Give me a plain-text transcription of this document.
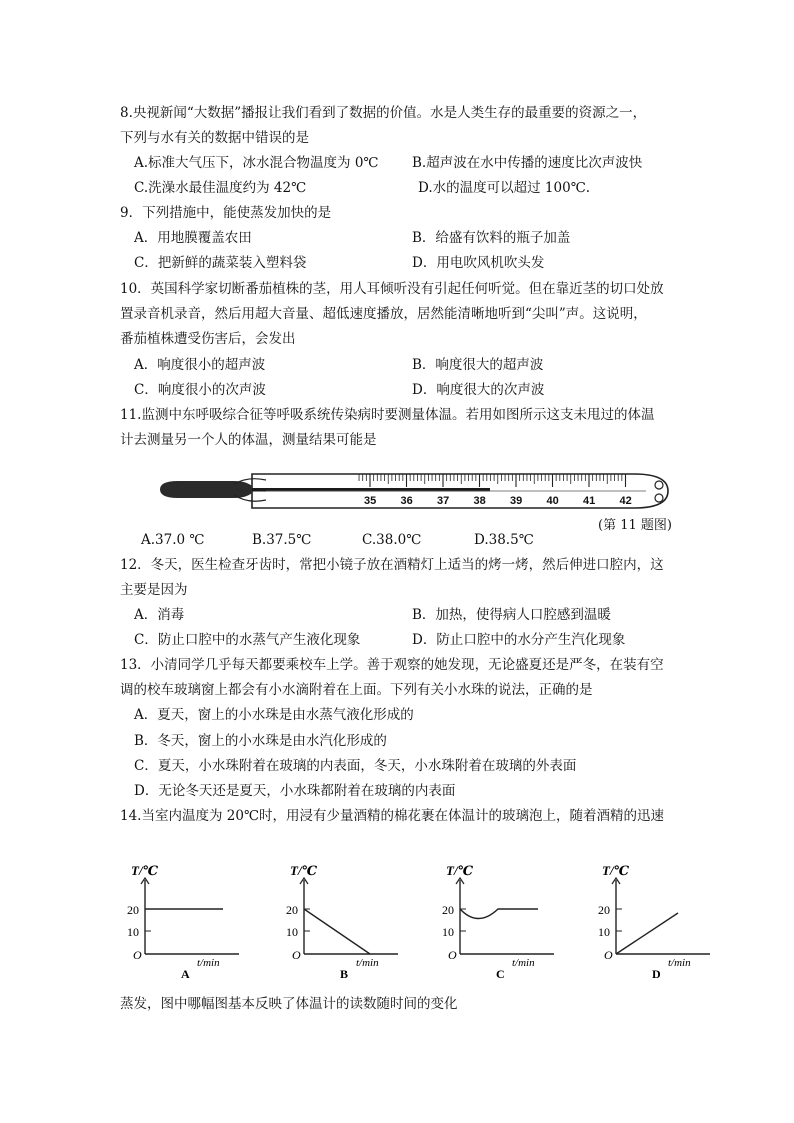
8.央视新闻“大数据”播报让我们看到了数据的价值。水是人类生存的最重要的资源之一，
下列与水有关的数据中错误的是
A.标准大气压下，冰水混合物温度为 0℃ B.超声波在水中传播的速度比次声波快
C.洗澡水最佳温度约为 42℃	D.水的温度可以超过 100℃.
9．下列措施中，能使蒸发加快的是
A．用地膜覆盖农田	B．给盛有饮料的瓶子加盖
C．把新鲜的蔬菜装入塑料袋	D．用电吹风机吹头发
10．英国科学家切断番茄植株的茎，用人耳倾听没有引起任何听觉。但在靠近茎的切口处放
置录音机录音，然后用超大音量、超低速度播放，居然能清晰地听到“尖叫”声。这说明，
番茄植株遭受伤害后，会发出
A．响度很小的超声波	B．响度很大的超声波
C．响度很小的次声波	D．响度很大的次声波
11.监测中东呼吸综合征等呼吸系统传染病时要测量体温。若用如图所示这支未甩过的体温
计去测量另一个人的体温，测量结果可能是
35 36 37 38 39 40 41 42
A.37.0 ℃	B.37.5℃	C.38.0℃	D.38.5℃
(第 11 题图)
12．冬天，医生检查牙齿时，常把小镜子放在酒精灯上适当的烤一烤，然后伸进口腔内，这
主要是因为
A．消毒	B．加热，使得病人口腔感到温暖
C．防止口腔中的水蒸气产生液化现象	D．防止口腔中的水分产生汽化现象
13．小清同学几乎每天都要乘校车上学。善于观察的她发现，无论盛夏还是严冬，在装有空
调的校车玻璃窗上都会有小水滴附着在上面。下列有关小水珠的说法，正确的是
A．夏天，窗上的小水珠是由水蒸气液化形成的
B．冬天，窗上的小水珠是由水汽化形成的
C．夏天，小水珠附着在玻璃的内表面，冬天，小水珠附着在玻璃的外表面
D．无论冬天还是夏天，小水珠都附着在玻璃的内表面
14.当室内温度为 20℃时，用浸有少量酒精的棉花裹在体温计的玻璃泡上，随着酒精的迅速
T/℃
20
10
O
t/min
A
T/℃
20
10
O
t/min
B
T/℃
20
10
O
t/min
C
T/℃
20
10
O
t/min
D
蒸发，图中哪幅图基本反映了体温计的读数随时间的变化
